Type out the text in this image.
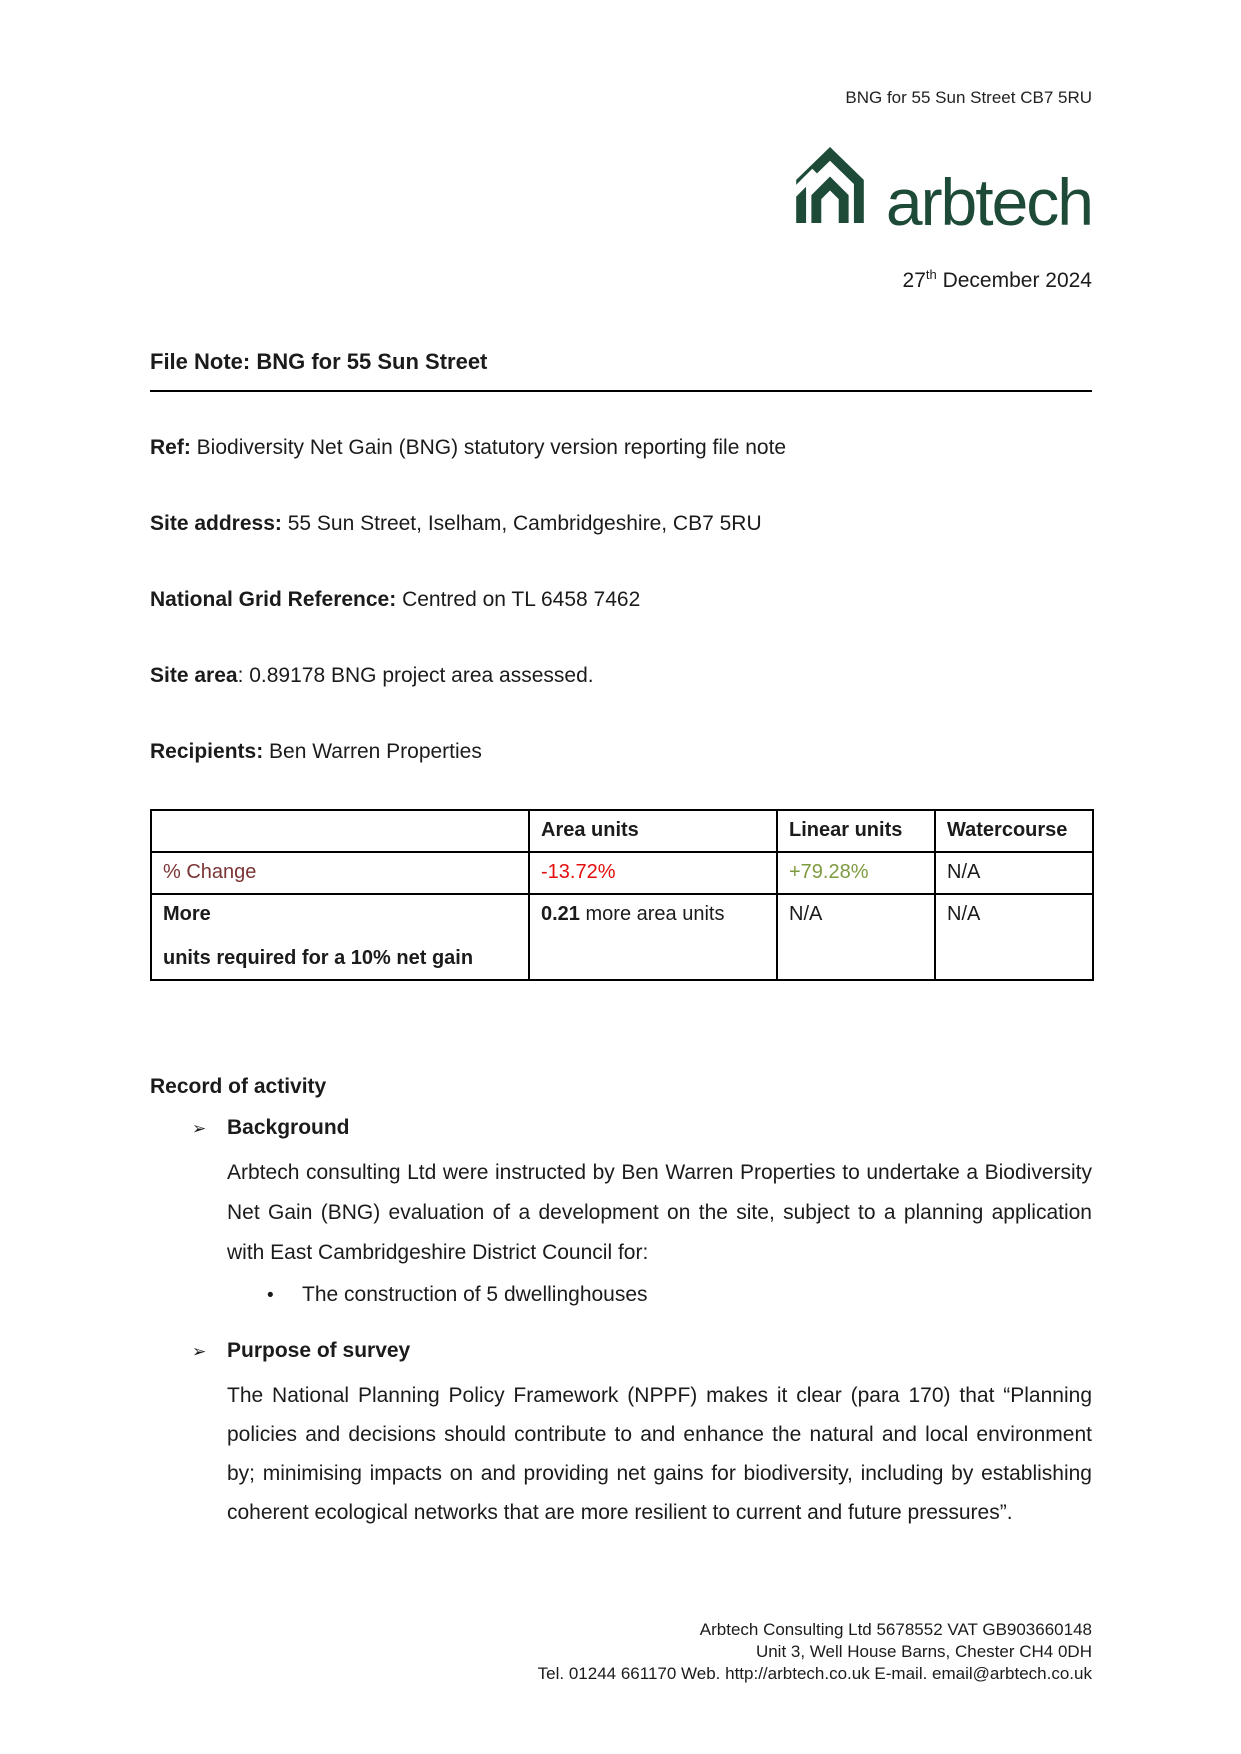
BNG for 55 Sun Street CB7 5RU
arbtech
27th December 2024
File Note: BNG for 55 Sun Street
Ref: Biodiversity Net Gain (BNG) statutory version reporting file note
Site address: 55 Sun Street, Iselham, Cambridgeshire, CB7 5RU
National Grid Reference: Centred on TL 6458 7462
Site area: 0.89178 BNG project area assessed.
Recipients: Ben Warren Properties
	Area units	Linear units	Watercourse
% Change	-13.72%	+79.28%	N/A

More
units required for a 10% net gain	0.21 more area units	N/A	N/A
Record of activity
➢ Background
Arbtech consulting Ltd were instructed by Ben Warren Properties to undertake a Biodiversity Net Gain (BNG) evaluation of a development on the site, subject to a planning application with East Cambridgeshire District Council for:
•	The construction of 5 dwellinghouses
➢ Purpose of survey
The National Planning Policy Framework (NPPF) makes it clear (para 170) that “Planning policies and decisions should contribute to and enhance the natural and local environment by; minimising impacts on and providing net gains for biodiversity, including by establishing coherent ecological networks that are more resilient to current and future pressures”.
Arbtech Consulting Ltd 5678552 VAT GB903660148
Unit 3, Well House Barns, Chester CH4 0DH
Tel. 01244 661170 Web. http://arbtech.co.uk E-mail. email@arbtech.co.uk
